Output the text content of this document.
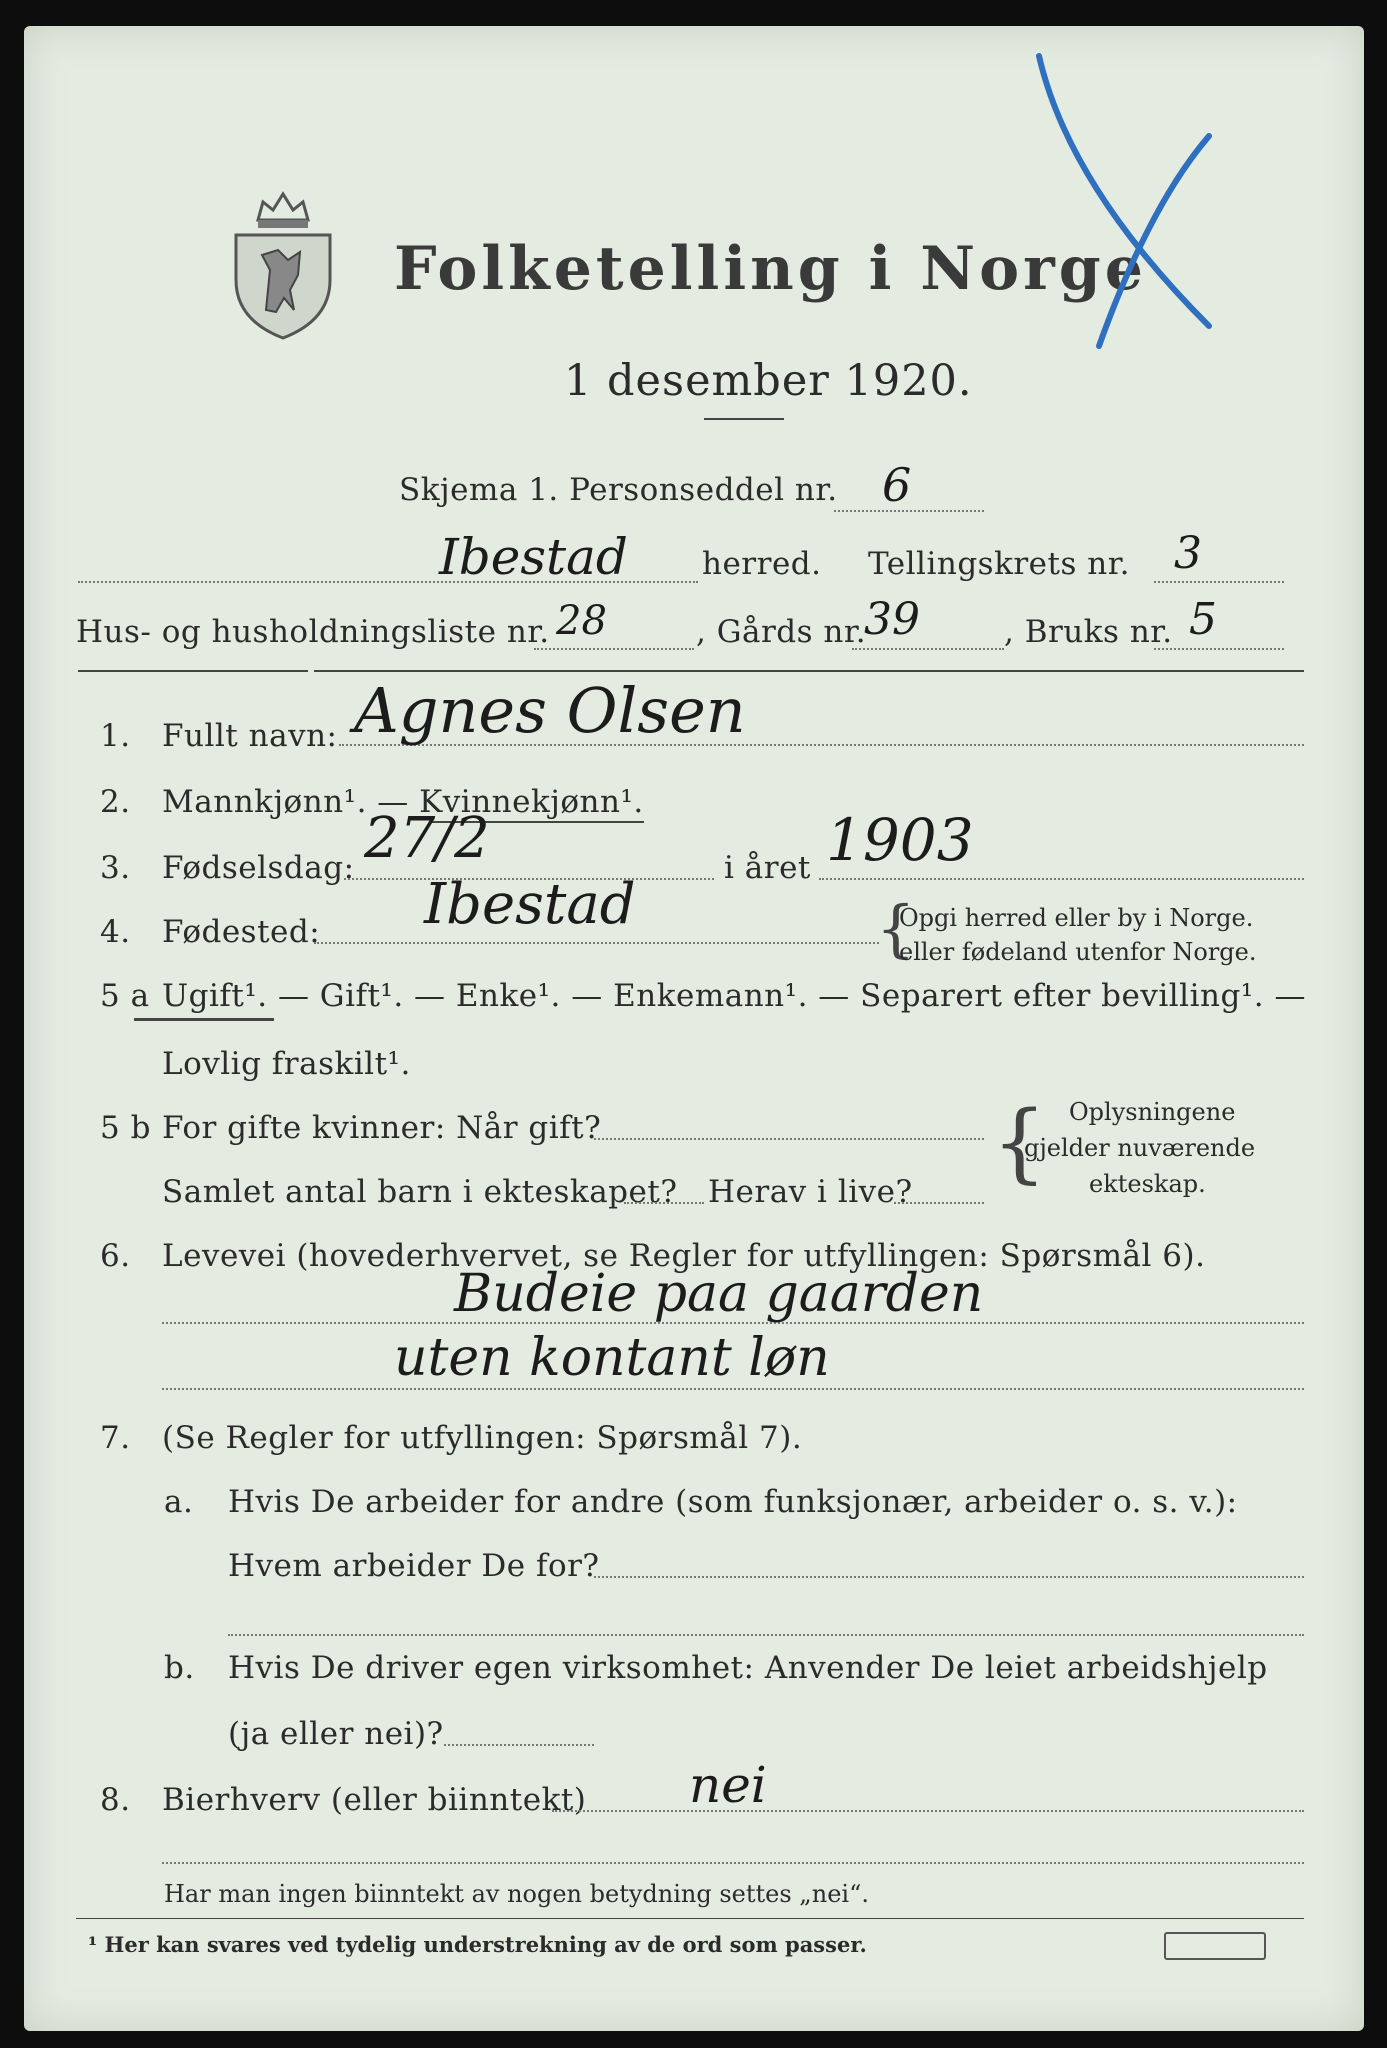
Folketelling i Norge
1 desember 1920.
Skjema 1. Personseddel nr. 6
Ibestad herred. Tellingskrets nr. 3
Hus- og husholdningsliste nr. 28	, Gårds nr.
39	, Bruks nr. 5
1. Fullt navn: Agnes Olsen
2. Mannkjønn¹. — Kvinnekjønn¹.
3. Fødselsdag: 27/2	i året 1903
4. Fødested: Ibestad	{
Opgi herred eller by i Norge.
eller fødeland utenfor Norge.
5 a Ugift¹. — Gift¹. — Enke¹. — Enkemann¹. — Separert efter bevilling¹. —
Lovlig fraskilt¹.
5 b For gifte kvinner: Når gift?
Samlet antal barn i ekteskapet? Herav i live? { Oplysningene
gjelder nuværende
ekteskap.
6. Levevei (hovederhvervet, se Regler for utfyllingen: Spørsmål 6).
Budeie paa gaarden
uten kontant løn
7. (Se Regler for utfyllingen: Spørsmål 7).
a. Hvis De arbeider for andre (som funksjonær, arbeider o. s. v.):
Hvem arbeider De for?
b. Hvis De driver egen virksomhet: Anvender De leiet arbeidshjelp
(ja eller nei)?
8. Bierhverv (eller biinntekt) nei
Har man ingen biinntekt av nogen betydning settes „nei“.
¹ Her kan svares ved tydelig understrekning av de ord som passer.
